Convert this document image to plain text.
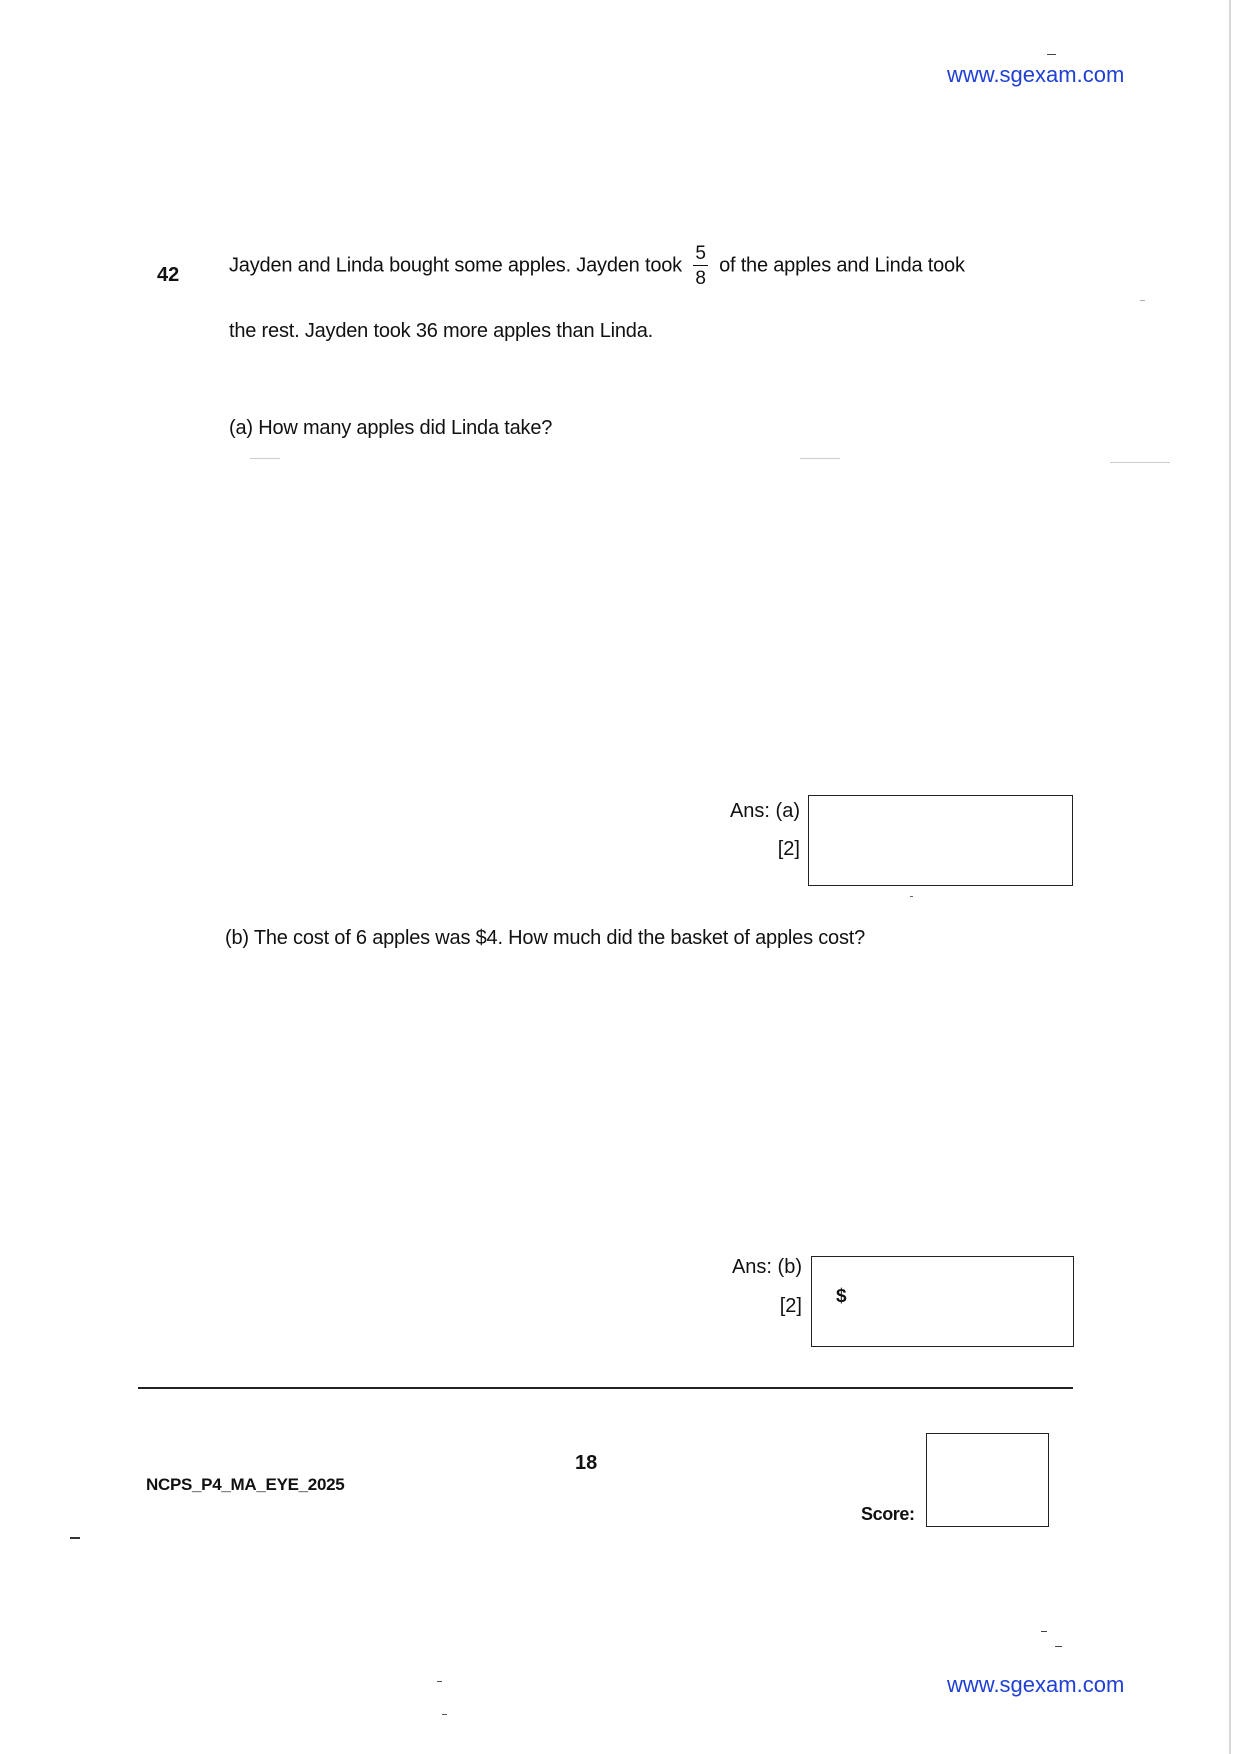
www.sgexam.com
42 Jayden and Linda bought some apples. Jayden took $\frac{5}{8}$ of the apples and Linda took
the rest. Jayden took 36 more apples than Linda.
(a) How many apples did Linda take?
Ans: (a)
[2]
(b) The cost of 6 apples was $4. How much did the basket of apples cost?
Ans: (b)
[2] $
NCPS_P4_MA_EYE_2025
18
Score:
www.sgexam.com
